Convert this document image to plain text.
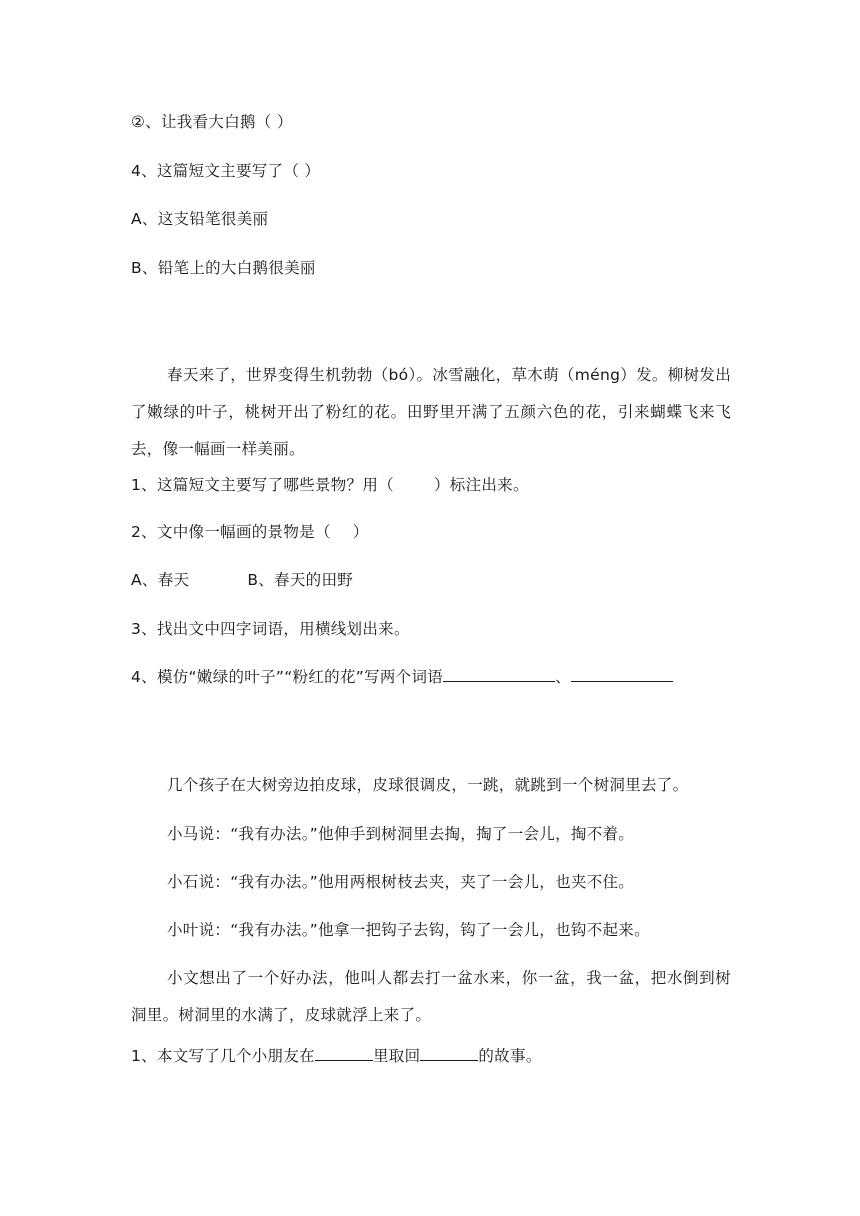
②、让我看大白鹅（ ）
4、这篇短文主要写了（ ）
A、这支铅笔很美丽
B、铅笔上的大白鹅很美丽
春天来了，世界变得生机勃勃（bó）。冰雪融化，草木萌（méng）发。柳树发出了嫩绿的叶子，桃树开出了粉红的花。田野里开满了五颜六色的花，引来蝴蝶飞来飞去，像一幅画一样美丽。
1、这篇短文主要写了哪些景物？用（	）标注出来。
2、文中像一幅画的景物是（ ）
A、春天	B、春天的田野
3、找出文中四字词语，用横线划出来。
4、模仿“嫩绿的叶子”“粉红的花”写两个词语	、
几个孩子在大树旁边拍皮球，皮球很调皮，一跳，就跳到一个树洞里去了。
小马说：“我有办法。”他伸手到树洞里去掏，掏了一会儿，掏不着。
小石说：“我有办法。”他用两根树枝去夹，夹了一会儿，也夹不住。
小叶说：“我有办法。”他拿一把钩子去钩，钩了一会儿，也钩不起来。
小文想出了一个好办法，他叫人都去打一盆水来，你一盆，我一盆，把水倒到树洞里。树洞里的水满了，皮球就浮上来了。
1、本文写了几个小朋友在	里取回	的故事。
